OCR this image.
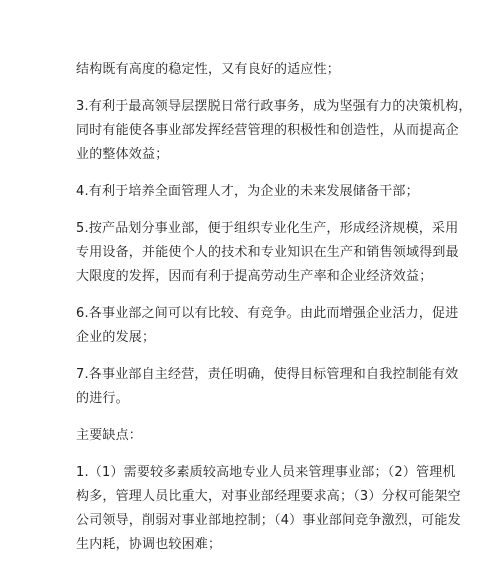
结构既有高度的稳定性，又有良好的适应性；

3.有利于最高领导层摆脱日常行政事务，成为坚强有力的决策机构，
同时有能使各事业部发挥经营管理的积极性和创造性，从而提高企
业的整体效益；

4.有利于培养全面管理人才，为企业的未来发展储备干部；

5.按产品划分事业部，便于组织专业化生产，形成经济规模，采用
专用设备，并能使个人的技术和专业知识在生产和销售领域得到最
大限度的发挥，因而有利于提高劳动生产率和企业经济效益；

6.各事业部之间可以有比较、有竞争。由此而增强企业活力，促进
企业的发展；

7.各事业部自主经营，责任明确，使得目标管理和自我控制能有效
的进行。

主要缺点：

1.（1）需要较多素质较高地专业人员来管理事业部；（2）管理机
构多，管理人员比重大，对事业部经理要求高；（3）分权可能架空
公司领导，削弱对事业部地控制；（4）事业部间竞争激烈，可能发
生内耗，协调也较困难；
